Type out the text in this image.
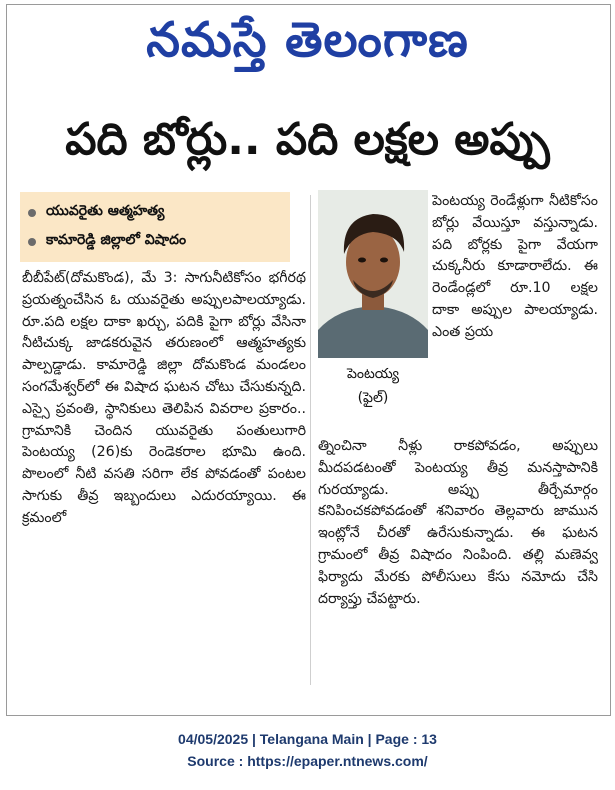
నమస్తే తెలంగాణ
పది బోర్లు.. పది లక్షల అప్పు
యువరైతు ఆత్మహత్య
కామారెడ్డి జిల్లాలో విషాదం

బీబీపేట్(దోమకొండ), మే 3: సాగునీటికోసం భగీరథ ప్రయత్నంచేసిన ఓ యువరైతు అప్పులపాలయ్యాడు. రూ.పది లక్షల దాకా ఖర్చు, పదికి పైగా బోర్లు వేసినా నీటిచుక్క జాడకరువైన తరుణంలో ఆత్మహత్యకు పాల్పడ్డాడు. కామారెడ్డి జిల్లా దోమకొండ మండలం సంగమేశ్వర్‌లో ఈ విషాద ఘటన చోటు చేసుకున్నది. ఎస్సై ప్రవంతి, స్థానికులు తెలిపిన వివరాల ప్రకారం.. గ్రామానికి చెందిన యువరైతు పంతులుగారి పెంటయ్య (26)కు రెండెకరాల భూమి ఉంది. పొలంలో నీటి వసతి సరిగా లేక పోవడంతో పంటల సాగుకు తీవ్ర ఇబ్బందులు ఎదురయ్యాయి. ఈ క్రమంలో

పెంటయ్య
(ఫైల్)

పెంటయ్య రెండేళ్లుగా నీటికోసం బోర్లు వేయిస్తూ వస్తున్నాడు. పది బోర్లకు పైగా వేయగా చుక్కనీరు కూడారాలేదు. ఈ రెండేండ్లలో రూ.10 లక్షల దాకా అప్పుల పాలయ్యాడు. ఎంత ప్రయ

త్నించినా నీళ్లు రాకపోవడం, అప్పులు మీదపడటంతో పెంటయ్య తీవ్ర మనస్తాపానికి గురయ్యాడు. అప్పు తీర్చేమార్గం కనిపించకపోవడంతో శనివారం తెల్లవారు జామున ఇంట్లోనే చీరతో ఉరేసుకున్నాడు. ఈ ఘటన గ్రామంలో తీవ్ర విషాదం నింపింది. తల్లి మణెవ్వ ఫిర్యాదు మేరకు పోలీసులు కేసు నమోదు చేసి దర్యాప్తు చేపట్టారు.

04/05/2025 | Telangana Main | Page : 13
Source : https://epaper.ntnews.com/
